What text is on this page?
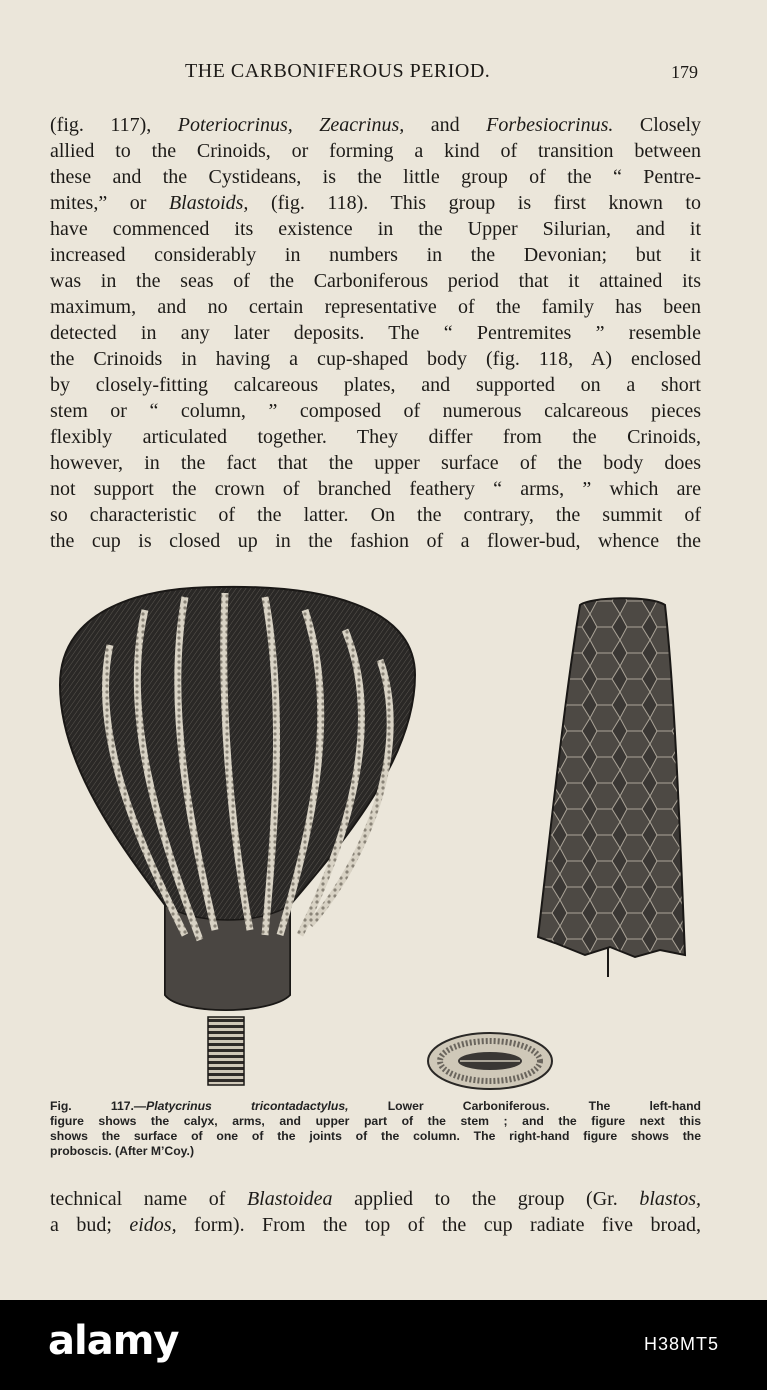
THE CARBONIFEROUS PERIOD.	179
(fig. 117), Poteriocrinus, Zeacrinus, and Forbesiocrinus. Closely
allied to the Crinoids, or forming a kind of transition between
these and the Cystideans, is the little group of the “ Pentre-
mites,” or Blastoids, (fig. 118). This group is first known to
have commenced its existence in the Upper Silurian, and it
increased considerably in numbers in the Devonian; but it
was in the seas of the Carboniferous period that it attained its
maximum, and no certain representative of the family has been
detected in any later deposits. The “ Pentremites ” resemble
the Crinoids in having a cup-shaped body (fig. 118, A) enclosed
by closely-fitting calcareous plates, and supported on a short
stem or “ column, ” composed of numerous calcareous pieces
flexibly articulated together. They differ from the Crinoids,
however, in the fact that the upper surface of the body does
not support the crown of branched feathery “ arms, ” which are
so characteristic of the latter. On the contrary, the summit of
the cup is closed up in the fashion of a flower-bud, whence the
Fig. 117.—Platycrinus tricontadactylus, Lower Carboniferous. The left-hand
figure shows the calyx, arms, and upper part of the stem ; and the figure next this
shows the surface of one of the joints of the column. The right-hand figure shows the
proboscis. (After M’Coy.)
technical name of Blastoidea applied to the group (Gr. blastos,
a bud; eidos, form). From the top of the cup radiate five broad,
alamy	H38MT5
